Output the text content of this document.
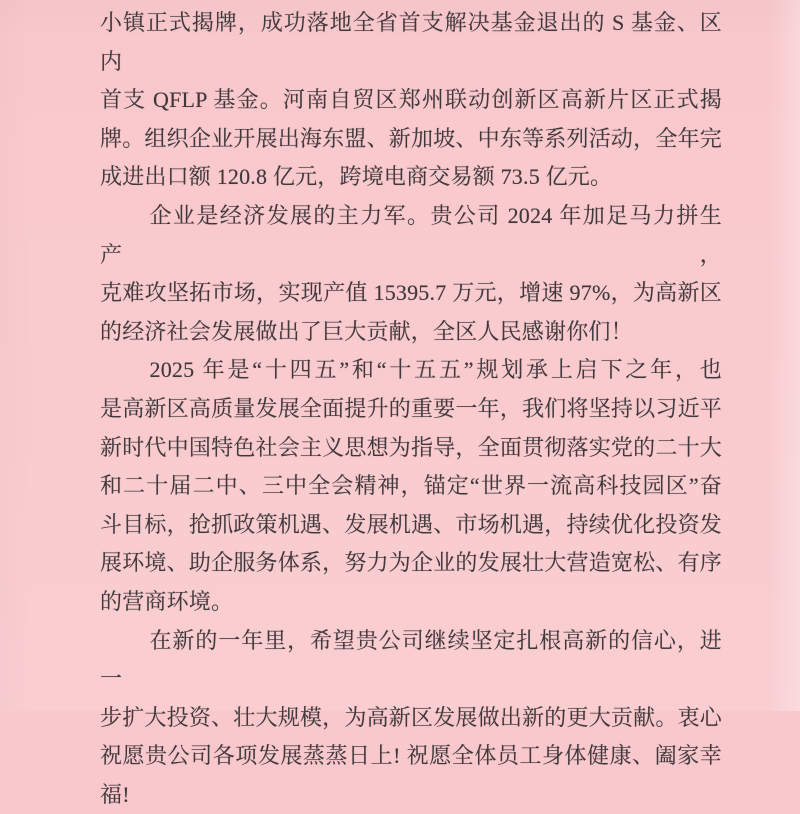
小镇正式揭牌，成功落地全省首支解决基金退出的 S 基金、区内
首支 QFLP 基金。河南自贸区郑州联动创新区高新片区正式揭
牌。组织企业开展出海东盟、新加坡、中东等系列活动，全年完
成进出口额 120.8 亿元，跨境电商交易额 73.5 亿元。
企业是经济发展的主力军。贵公司 2024 年加足马力拼生产，
克难攻坚拓市场，实现产值 15395.7 万元，增速 97%，为高新区
的经济社会发展做出了巨大贡献，全区人民感谢你们！
2025 年是“十四五”和“十五五”规划承上启下之年，也
是高新区高质量发展全面提升的重要一年，我们将坚持以习近平
新时代中国特色社会主义思想为指导，全面贯彻落实党的二十大
和二十届二中、三中全会精神，锚定“世界一流高科技园区”奋
斗目标，抢抓政策机遇、发展机遇、市场机遇，持续优化投资发
展环境、助企服务体系，努力为企业的发展壮大营造宽松、有序
的营商环境。
在新的一年里，希望贵公司继续坚定扎根高新的信心，进一
步扩大投资、壮大规模，为高新区发展做出新的更大贡献。衷心
祝愿贵公司各项发展蒸蒸日上! 祝愿全体员工身体健康、阖家幸
福!
